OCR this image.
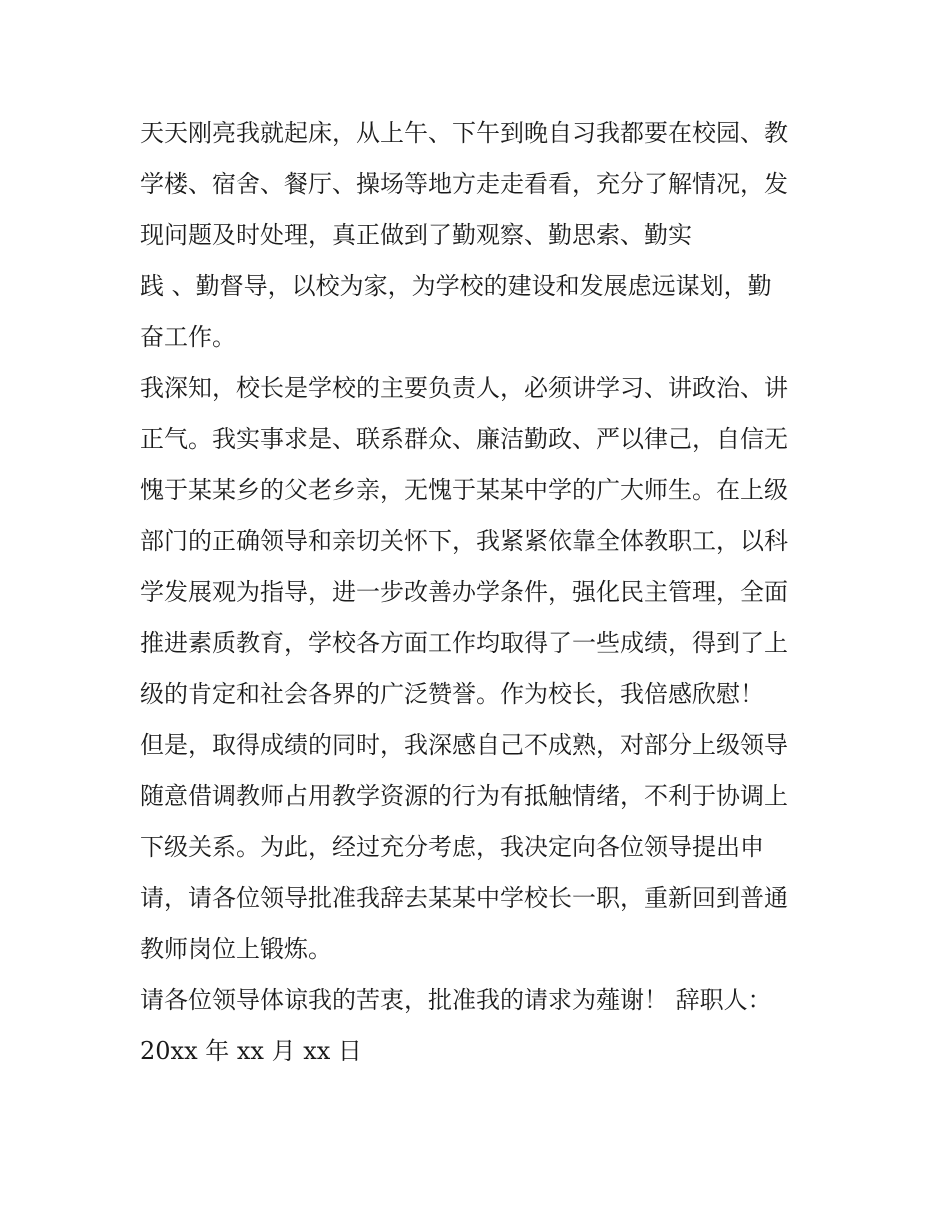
天天刚亮我就起床，从上午、下午到晚自习我都要在校园、教

学楼、宿舍、餐厅、操场等地方走走看看，充分了解情况，发

现问题及时处理，真正做到了勤观察、勤思索、勤实

践 、勤督导，以校为家，为学校的建设和发展虑远谋划，勤

奋工作。

我深知，校长是学校的主要负责人，必须讲学习、讲政治、讲

正气。我实事求是、联系群众、廉洁勤政、严以律己，自信无

愧于某某乡的父老乡亲，无愧于某某中学的广大师生。在上级

部门的正确领导和亲切关怀下，我紧紧依靠全体教职工，以科

学发展观为指导，进一步改善办学条件，强化民主管理，全面

推进素质教育，学校各方面工作均取得了一些成绩，得到了上

级的肯定和社会各界的广泛赞誉。作为校长，我倍感欣慰！

但是，取得成绩的同时，我深感自己不成熟，对部分上级领导

随意借调教师占用教学资源的行为有抵触情绪，不利于协调上

下级关系。为此，经过充分考虑，我决定向各位领导提出申

请，请各位领导批准我辞去某某中学校长一职，重新回到普通

教师岗位上锻炼。

请各位领导体谅我的苦衷，批准我的请求为薤谢！ 辞职人：

20xx 年 xx 月 xx 日
